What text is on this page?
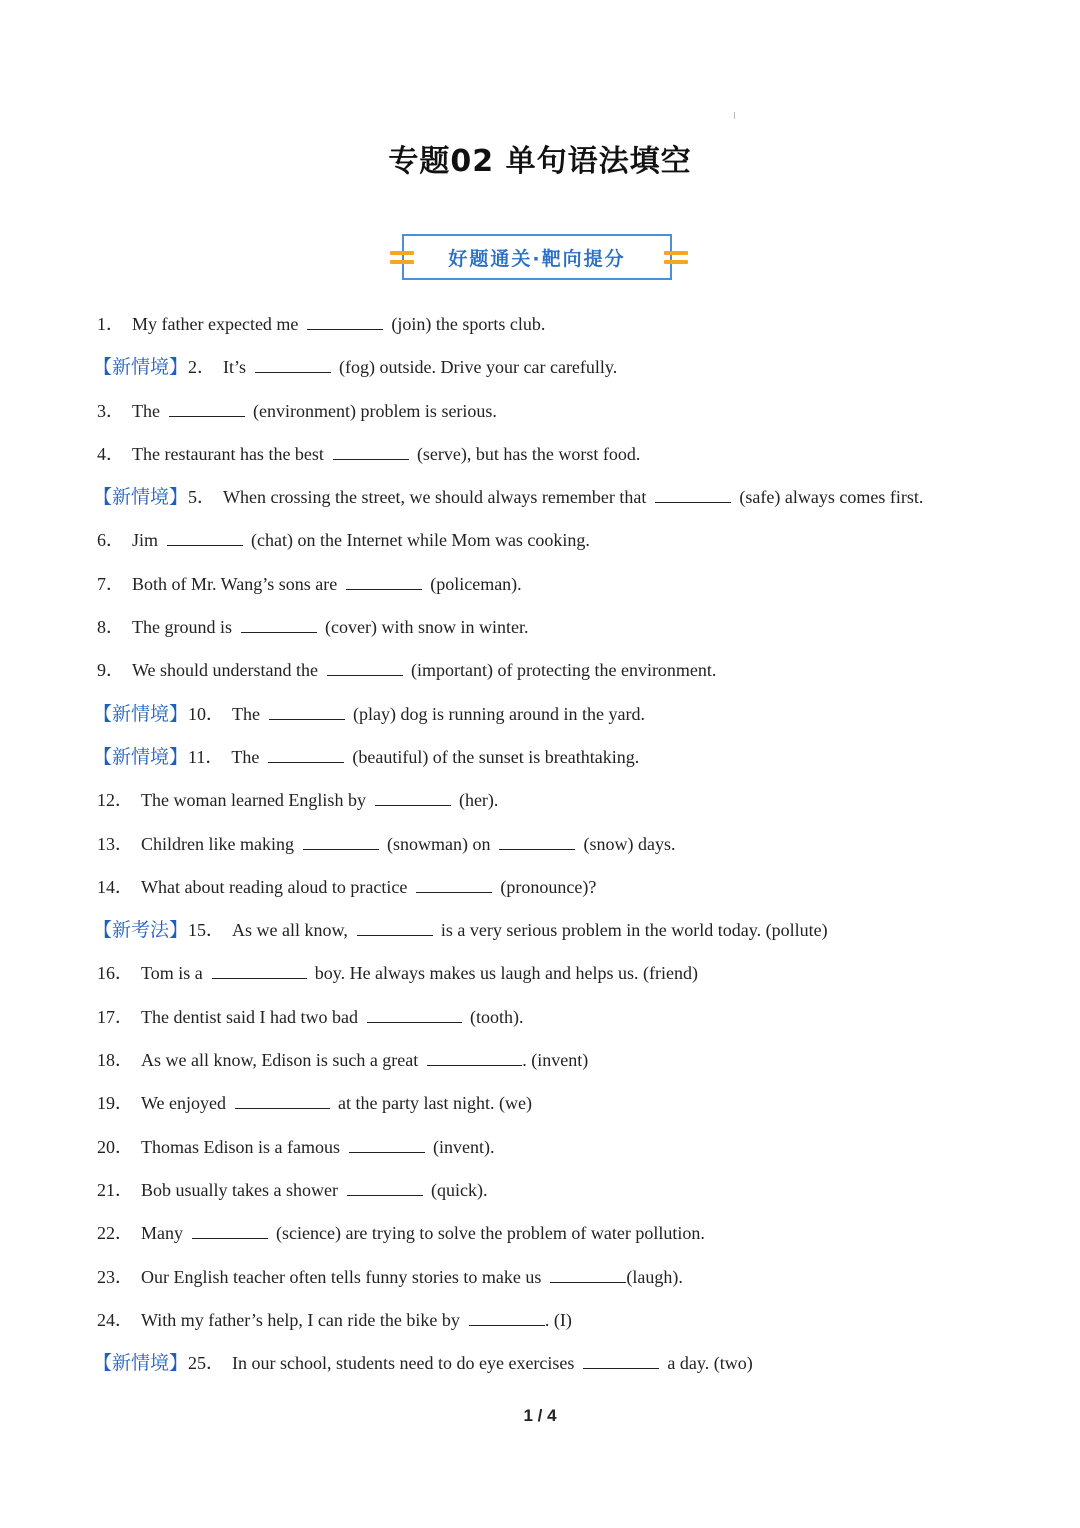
专题02 单句语法填空
好题通关·靶向提分
1． My father expected me	(join) the sports club.
【新情境】2． It’s	(fog) outside. Drive your car carefully.
3． The	(environment) problem is serious.
4． The restaurant has the best	(serve), but has the worst food.
【新情境】5． When crossing the street, we should always remember that	(safe) always comes first.
6． Jim	(chat) on the Internet while Mom was cooking.
7． Both of Mr. Wang’s sons are	(policeman).
8． The ground is	(cover) with snow in winter.
9． We should understand the	(important) of protecting the environment.
【新情境】10． The	(play) dog is running around in the yard.
【新情境】11． The	(beautiful) of the sunset is breathtaking.
12． The woman learned English by	(her).
13． Children like making	(snowman) on	(snow) days.
14． What about reading aloud to practice	(pronounce)?
【新考法】15． As we all know,	is a very serious problem in the world today. (pollute)
16． Tom is a	boy. He always makes us laugh and helps us. (friend)
17． The dentist said I had two bad	(tooth).
18． As we all know, Edison is such a great	. (invent)
19． We enjoyed	at the party last night. (we)
20． Thomas Edison is a famous	(invent).
21． Bob usually takes a shower	(quick).
22． Many	(science) are trying to solve the problem of water pollution.
23． Our English teacher often tells funny stories to make us	(laugh).
24． With my father’s help, I can ride the bike by	. (I)
【新情境】25． In our school, students need to do eye exercises	a day. (two)
1 / 4
